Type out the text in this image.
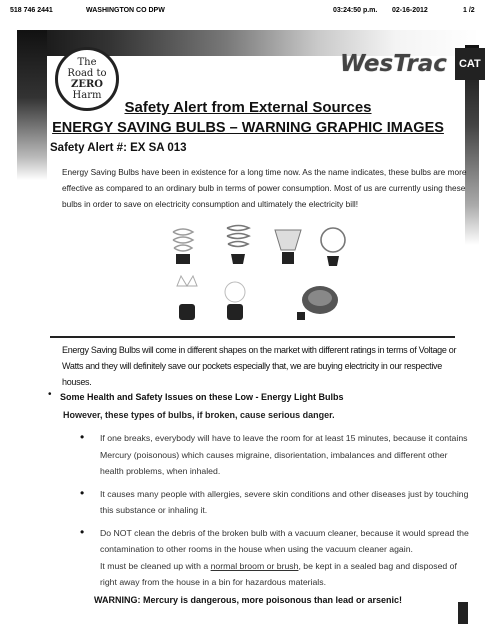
518 746 2441	WASHINGTON CO DPW	03:24:50 p.m. 02-16-2012	1 /2
The
Road to
ZERO
Harm
WesTrac CAT
Safety Alert from External Sources
ENERGY SAVING BULBS – WARNING GRAPHIC IMAGES
Safety Alert #: EX SA 013
Energy Saving Bulbs have been in existence for a long time now. As the name indicates, these bulbs are more effective as compared to an ordinary bulb in terms of power consumption. Most of us are currently using these bulbs in order to save on electricity consumption and ultimately the electricity bill!
Energy Saving Bulbs will come in different shapes on the market with different ratings in terms of Voltage or Watts and they will definitely save our pockets especially that, we are buying electricity in our respective houses.
• Some Health and Safety Issues on these Low - Energy Light Bulbs
However, these types of bulbs, if broken, cause serious danger.
• If one breaks, everybody will have to leave the room for at least 15 minutes, because it contains Mercury (poisonous) which causes migraine, disorientation, imbalances and different other health problems, when inhaled.
• It causes many people with allergies, severe skin conditions and other diseases just by touching this substance or inhaling it.
• Do NOT clean the debris of the broken bulb with a vacuum cleaner, because it would spread the contamination to other rooms in the house when using the vacuum cleaner again.
It must be cleaned up with a normal broom or brush, be kept in a sealed bag and disposed of right away from the house in a bin for hazardous materials.
WARNING: Mercury is dangerous, more poisonous than lead or arsenic!
